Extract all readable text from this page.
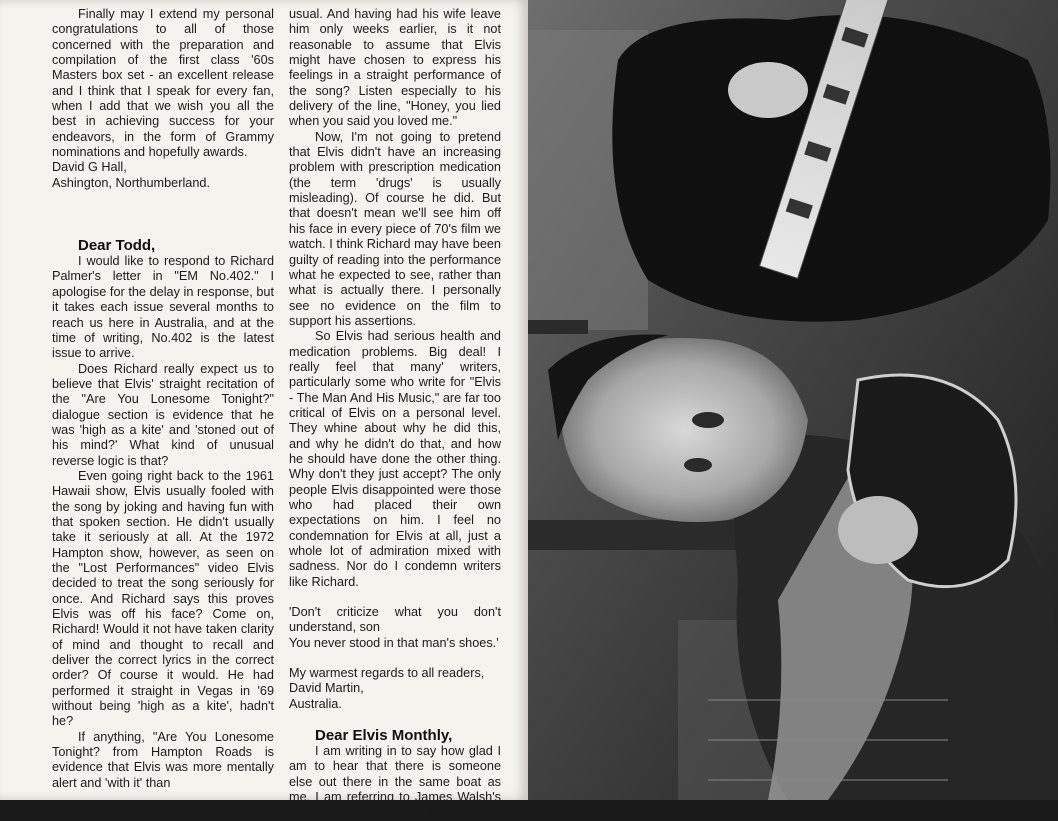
Finally may I extend my personal congratulations to all of those concerned with the preparation and compilation of the first class '60s Masters box set - an excellent release and I think that I speak for every fan, when I add that we wish you all the best in achieving success for your endeavors, in the form of Grammy nominations and hopefully awards.

David G Hall,

Ashington, Northumberland.

Dear Todd,

I would like to respond to Richard Palmer's letter in "EM No.402." I apologise for the delay in response, but it takes each issue several months to reach us here in Australia, and at the time of writing, No.402 is the latest issue to arrive.

Does Richard really expect us to believe that Elvis' straight recitation of the "Are You Lonesome Tonight?" dialogue section is evidence that he was 'high as a kite' and 'stoned out of his mind?' What kind of unusual reverse logic is that?

Even going right back to the 1961 Hawaii show, Elvis usually fooled with the song by joking and having fun with that spoken section. He didn't usually take it seriously at all. At the 1972 Hampton show, however, as seen on the "Lost Performances" video Elvis decided to treat the song seriously for once. And Richard says this proves Elvis was off his face? Come on, Richard! Would it not have taken clarity of mind and thought to recall and deliver the correct lyrics in the correct order? Of course it would. He had performed it straight in Vegas in '69 without being 'high as a kite', hadn't he?

If anything, "Are You Lonesome Tonight? from Hampton Roads is evidence that Elvis was more mentally alert and 'with it' than

usual. And having had his wife leave him only weeks earlier, is it not reasonable to assume that Elvis might have chosen to express his feelings in a straight performance of the song? Listen especially to his delivery of the line, "Honey, you lied when you said you loved me."

Now, I'm not going to pretend that Elvis didn't have an increasing problem with prescription medication (the term 'drugs' is usually misleading). Of course he did. But that doesn't mean we'll see him off his face in every piece of 70's film we watch. I think Richard may have been guilty of reading into the performance what he expected to see, rather than what is actually there. I personally see no evidence on the film to support his assertions.

So Elvis had serious health and medication problems. Big deal! I really feel that many' writers, particularly some who write for "Elvis - The Man And His Music," are far too critical of Elvis on a personal level. They whine about why he did this, and why he didn't do that, and how he should have done the other thing. Why don't they just accept? The only people Elvis disappointed were those who had placed their own expectations on him. I feel no condemnation for Elvis at all, just a whole lot of admiration mixed with sadness. Nor do I condemn writers like Richard.

'Don't criticize what you don't understand, son

You never stood in that man's shoes.'

My warmest regards to all readers,

David Martin,

Australia.

Dear Elvis Monthly,

I am writing in to say how glad I am to hear that there is someone else out there in the same boat as me. I am referring to James Walsh's letter in "Elvis Monthly No.403." I
